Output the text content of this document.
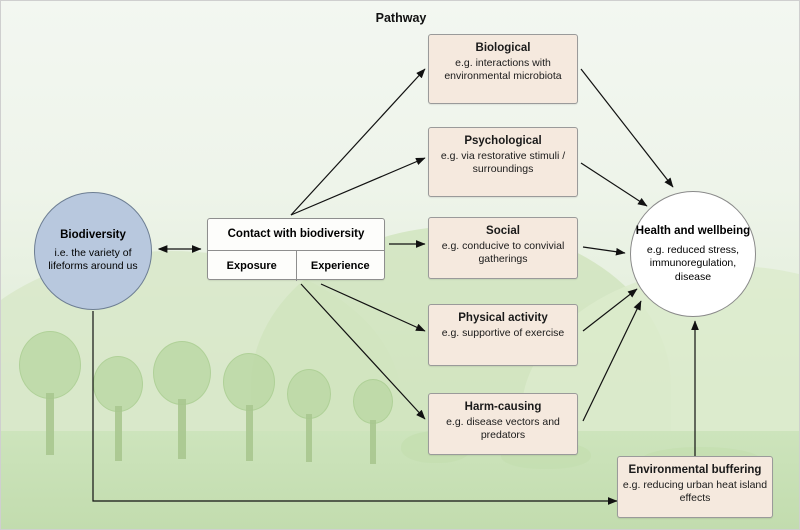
Pathway
Biodiversity
i.e. the variety of lifeforms around us
Contact with biodiversity
Exposure	Experience
Biological
e.g. interactions with environmental microbiota
Psychological
e.g. via restorative stimuli / surroundings
Social
e.g. conducive to convivial gatherings
Physical activity
e.g. supportive of exercise
Harm-causing
e.g. disease vectors and predators
Environmental buffering
e.g. reducing urban heat island effects
Health and wellbeing
e.g. reduced stress, immunoregulation, disease
